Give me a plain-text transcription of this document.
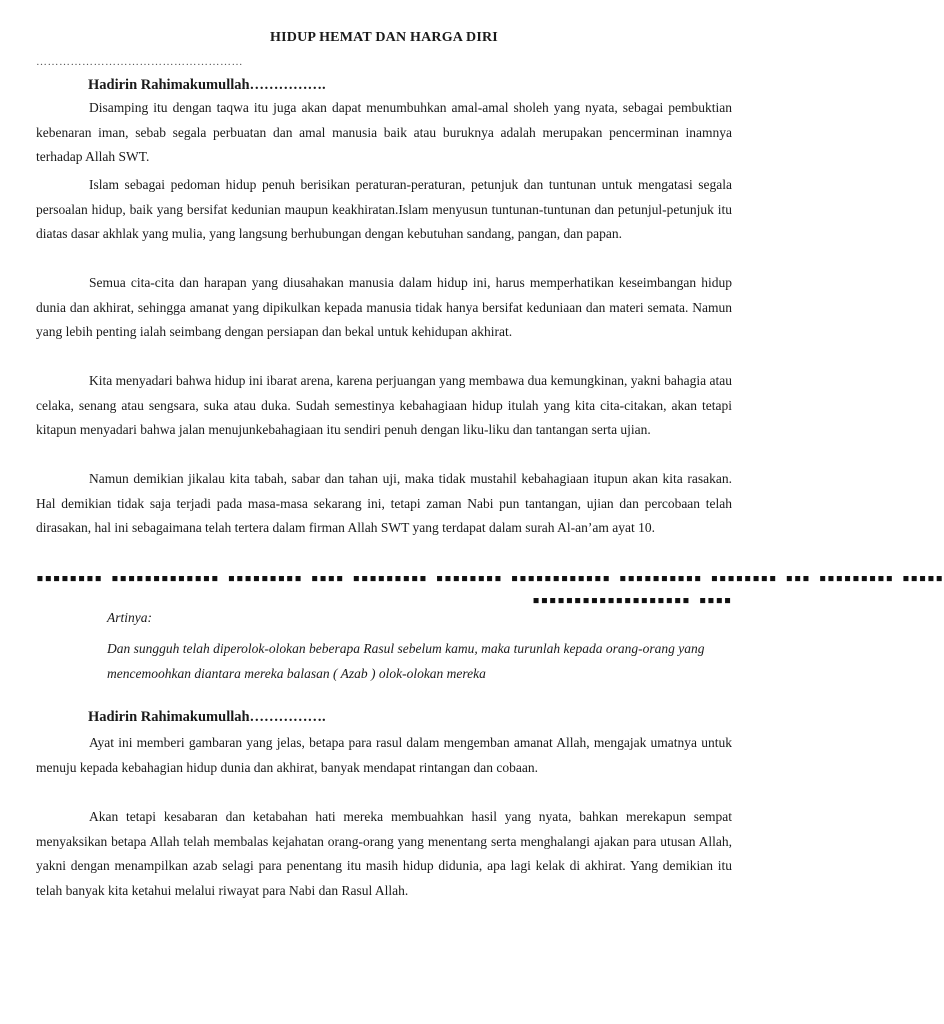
HIDUP HEMAT DAN HARGA DIRI
………………………………………………
Hadirin Rahimakumullah…………….

Disamping itu dengan taqwa itu juga akan dapat menumbuhkan amal-amal sholeh yang nyata, sebagai pembuktian kebenaran iman, sebab segala perbuatan dan amal manusia baik atau buruknya adalah merupakan pencerminan inamnya terhadap Allah SWT.

Islam sebagai pedoman hidup penuh berisikan peraturan-peraturan, petunjuk dan tuntunan untuk mengatasi segala persoalan hidup, baik yang bersifat kedunian maupun keakhiratan.Islam menyusun tuntunan-tuntunan dan petunjul-petunjuk itu diatas dasar akhlak yang mulia, yang langsung berhubungan dengan kebutuhan sandang, pangan, dan papan.

Semua cita-cita dan harapan yang diusahakan manusia dalam hidup ini, harus memperhatikan keseimbangan hidup dunia dan akhirat, sehingga amanat yang dipikulkan kepada manusia tidak hanya bersifat keduniaan dan materi semata. Namun yang lebih penting ialah seimbang dengan persiapan dan bekal untuk kehidupan akhirat.

Kita menyadari bahwa hidup ini ibarat arena, karena perjuangan yang membawa dua kemungkinan, yakni bahagia atau celaka, senang atau sengsara, suka atau duka. Sudah semestinya kebahagiaan hidup itulah yang kita cita-citakan, akan tetapi kitapun menyadari bahwa jalan menujunkebahagiaan itu sendiri penuh dengan liku-liku dan tantangan serta ujian.

Namun demikian jikalau kita tabah, sabar dan tahan uji, maka tidak mustahil kebahagiaan itupun akan kita rasakan. Hal demikian tidak saja terjadi pada masa-masa sekarang ini, tetapi zaman Nabi pun tantangan, ujian dan percobaan telah dirasakan, hal ini sebagaimana telah tertera dalam firman Allah SWT yang terdapat dalam surah Al-an’am ayat 10.

▪▪▪▪▪▪▪▪ ▪▪▪▪▪▪▪▪▪▪▪▪▪ ▪▪▪▪▪▪▪▪▪ ▪▪▪▪ ▪▪▪▪▪▪▪▪▪ ▪▪▪▪▪▪▪▪ ▪▪▪▪▪▪▪▪▪▪▪▪ ▪▪▪▪▪▪▪▪▪▪ ▪▪▪▪▪▪▪▪ ▪▪▪ ▪▪▪▪▪▪▪▪▪ ▪▪▪▪▪
▪▪▪▪▪▪▪▪▪▪▪▪▪▪▪▪▪▪▪ ▪▪▪▪
Artinya:
Dan sungguh telah diperolok-olokan beberapa Rasul sebelum kamu, maka turunlah kepada orang-orang yang mencemoohkan diantara mereka balasan ( Azab ) olok-olokan mereka
Hadirin Rahimakumullah…………….

Ayat ini memberi gambaran yang jelas, betapa para rasul dalam mengemban amanat Allah, mengajak umatnya untuk menuju kepada kebahagian hidup dunia dan akhirat, banyak mendapat rintangan dan cobaan.

Akan tetapi kesabaran dan ketabahan hati mereka membuahkan hasil yang nyata, bahkan merekapun sempat menyaksikan betapa Allah telah membalas kejahatan orang-orang yang menentang serta menghalangi ajakan para utusan Allah, yakni dengan menampilkan azab selagi para penentang itu masih hidup didunia, apa lagi kelak di akhirat. Yang demikian itu telah banyak kita ketahui melalui riwayat para Nabi dan Rasul Allah.
